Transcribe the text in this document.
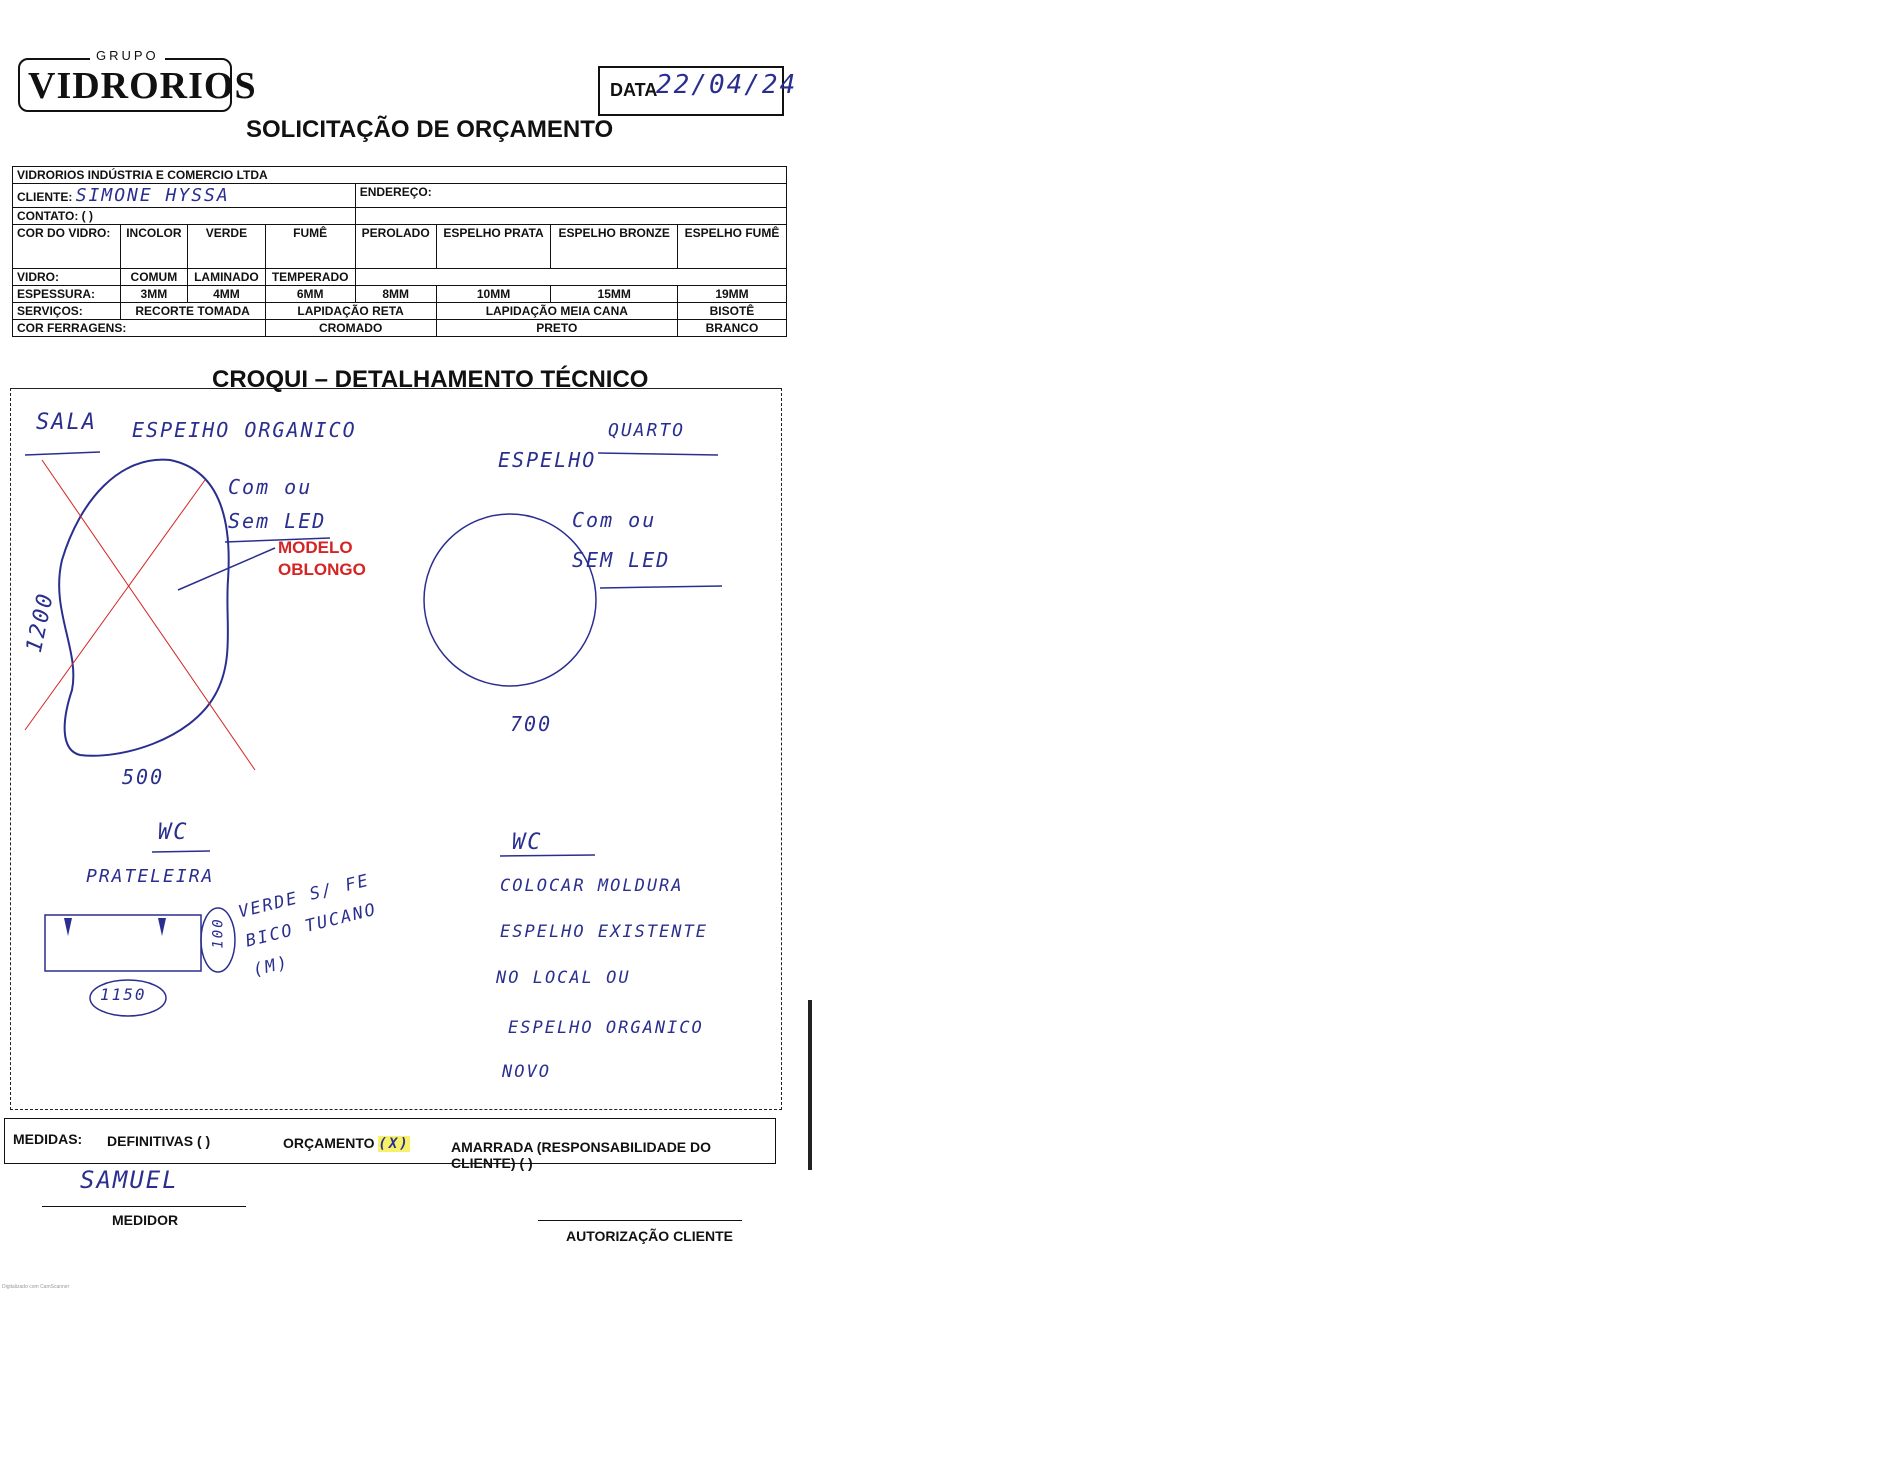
GRUPO
VIDRORIOS	DATA
22/04/24
SOLICITAÇÃO DE ORÇAMENTO
VIDRORIOS INDÚSTRIA E COMERCIO LTDA							
CLIENTE: SIMONE HYSSA				ENDEREÇO:			
CONTATO: ( )							
COR DO VIDRO:	INCOLOR	VERDE	FUMÊ	PEROLADO	ESPELHO PRATA	ESPELHO BRONZE	ESPELHO FUMÊ
VIDRO:	COMUM	LAMINADO	TEMPERADO				
ESPESSURA:	3MM	4MM	6MM	8MM	10MM	15MM	19MM
SERVIÇOS:	RECORTE TOMADA		LAPIDAÇÃO RETA		LAPIDAÇÃO MEIA CANA		BISOTÊ
COR FERRAGENS:			CROMADO		PRETO		BRANCO
CROQUI – DETALHAMENTO TÉCNICO
SALA ESPEIHO ORGANICO
Com ou Sem LED
MODELO
OBLONGO
1200
500
QUARTO
ESPELHO
Com ou SEM LED
700
WC
PRATELEIRA
1150
100
VERDE S/ FE BICO TUCANO (M)
WC
COLOCAR MOLDURA
ESPELHO EXISTENTE
NO LOCAL OU
ESPELHO ORGANICO
NOVO
MEDIDAS: DEFINITIVAS ( )	ORÇAMENTO (X)	AMARRADA (RESPONSABILIDADE DO CLIENTE) ( )
SAMUEL
MEDIDOR
AUTORIZAÇÃO CLIENTE
Digitalizado com CamScanner
